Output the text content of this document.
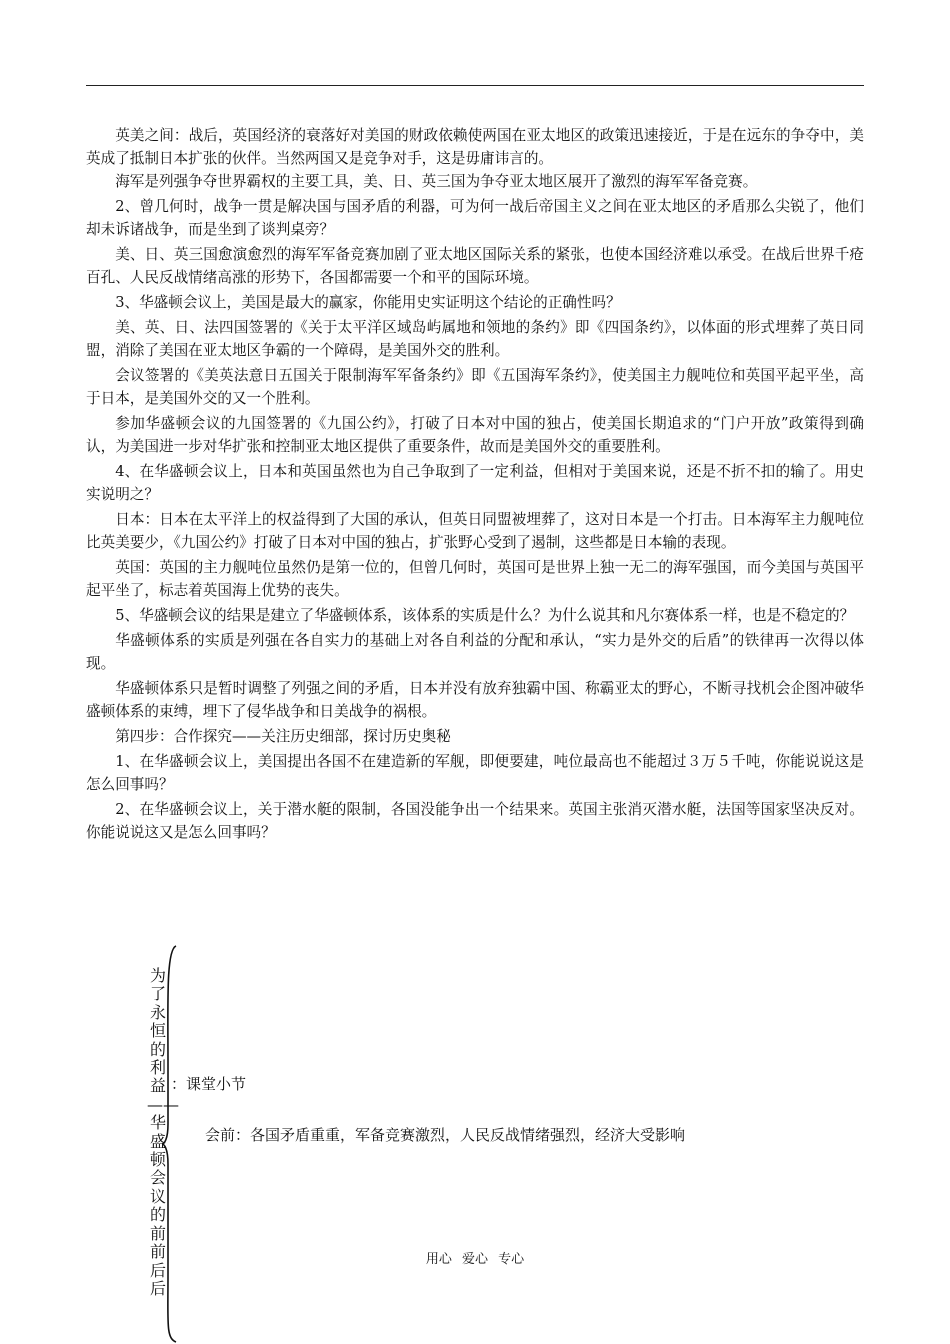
英美之间：战后，英国经济的衰落好对美国的财政依赖使两国在亚太地区的政策迅速接近，于是在远东的争夺中，美英成了抵制日本扩张的伙伴。当然两国又是竞争对手，这是毋庸讳言的。

海军是列强争夺世界霸权的主要工具，美、日、英三国为争夺亚太地区展开了激烈的海军军备竞赛。

2、曾几何时，战争一贯是解决国与国矛盾的利器，可为何一战后帝国主义之间在亚太地区的矛盾那么尖锐了，他们却未诉诸战争，而是坐到了谈判桌旁？

美、日、英三国愈演愈烈的海军军备竞赛加剧了亚太地区国际关系的紧张，也使本国经济难以承受。在战后世界千疮百孔、人民反战情绪高涨的形势下，各国都需要一个和平的国际环境。

3、华盛顿会议上，美国是最大的赢家，你能用史实证明这个结论的正确性吗？

美、英、日、法四国签署的《关于太平洋区域岛屿属地和领地的条约》即《四国条约》，以体面的形式埋葬了英日同盟，消除了美国在亚太地区争霸的一个障碍，是美国外交的胜利。

会议签署的《美英法意日五国关于限制海军军备条约》即《五国海军条约》，使美国主力舰吨位和英国平起平坐，高于日本，是美国外交的又一个胜利。

参加华盛顿会议的九国签署的《九国公约》，打破了日本对中国的独占，使美国长期追求的“门户开放”政策得到确认，为美国进一步对华扩张和控制亚太地区提供了重要条件，故而是美国外交的重要胜利。

4、在华盛顿会议上，日本和英国虽然也为自己争取到了一定利益，但相对于美国来说，还是不折不扣的输了。用史实说明之？

日本：日本在太平洋上的权益得到了大国的承认，但英日同盟被埋葬了，这对日本是一个打击。日本海军主力舰吨位比英美要少，《九国公约》打破了日本对中国的独占，扩张野心受到了遏制，这些都是日本输的表现。

英国：英国的主力舰吨位虽然仍是第一位的，但曾几何时，英国可是世界上独一无二的海军强国，而今美国与英国平起平坐了，标志着英国海上优势的丧失。

5、华盛顿会议的结果是建立了华盛顿体系，该体系的实质是什么？为什么说其和凡尔赛体系一样，也是不稳定的？

华盛顿体系的实质是列强在各自实力的基础上对各自利益的分配和承认，“实力是外交的后盾”的铁律再一次得以体现。

华盛顿体系只是暂时调整了列强之间的矛盾，日本并没有放弃独霸中国、称霸亚太的野心，不断寻找机会企图冲破华盛顿体系的束缚，埋下了侵华战争和日美战争的祸根。

第四步：合作探究——关注历史细部，探讨历史奥秘

1、在华盛顿会议上，美国提出各国不在建造新的军舰，即便要建，吨位最高也不能超过３万５千吨，你能说说这是怎么回事吗？

2、在华盛顿会议上，关于潜水艇的限制，各国没能争出一个结果来。英国主张消灭潜水艇，法国等国家坚决反对。你能说说这又是怎么回事吗？

为了永恒的利益——华盛顿会议的前前后后
：课堂小节
会前：各国矛盾重重，军备竞赛激烈，人民反战情绪强烈，经济大受影响
用心 爱心 专心
